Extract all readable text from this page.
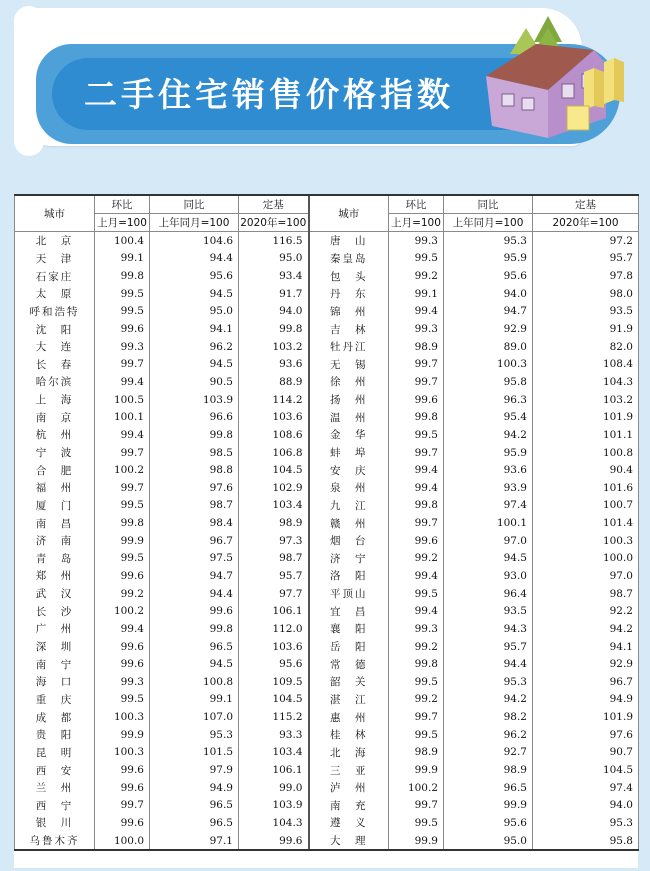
二手住宅销售价格指数
城市	环比	同比	定基	城市	环比	同比	定基
	上月=100	上年同月=100	2020年=100		上月=100	上年同月=100	2020年=100
北　京	100.4	104.6	116.5	唐　山	99.3	95.3	97.2
天　津	99.1	94.4	95.0	秦皇岛	99.5	95.9	95.7
石家庄	99.8	95.6	93.4	包　头	99.2	95.6	97.8
太　原	99.5	94.5	91.7	丹　东	99.1	94.0	98.0
呼和浩特	99.5	95.0	94.0	锦　州	99.4	94.7	93.5
沈　阳	99.6	94.1	99.8	吉　林	99.3	92.9	91.9
大　连	99.3	96.2	103.2	牡丹江	98.9	89.0	82.0
长　春	99.7	94.5	93.6	无　锡	99.7	100.3	108.4
哈尔滨	99.4	90.5	88.9	徐　州	99.7	95.8	104.3
上　海	100.5	103.9	114.2	扬　州	99.6	96.3	103.2
南　京	100.1	96.6	103.6	温　州	99.8	95.4	101.9
杭　州	99.4	99.8	108.6	金　华	99.5	94.2	101.1
宁　波	99.7	98.5	106.8	蚌　埠	99.7	95.9	100.8
合　肥	100.2	98.8	104.5	安　庆	99.4	93.6	90.4
福　州	99.7	97.6	102.9	泉　州	99.4	93.9	101.6
厦　门	99.5	98.7	103.4	九　江	99.8	97.4	100.7
南　昌	99.8	98.4	98.9	赣　州	99.7	100.1	101.4
济　南	99.9	96.7	97.3	烟　台	99.6	97.0	100.3
青　岛	99.5	97.5	98.7	济　宁	99.2	94.5	100.0
郑　州	99.6	94.7	95.7	洛　阳	99.4	93.0	97.0
武　汉	99.2	94.4	97.7	平顶山	99.5	96.4	98.7
长　沙	100.2	99.6	106.1	宜　昌	99.4	93.5	92.2
广　州	99.4	99.8	112.0	襄　阳	99.3	94.3	94.2
深　圳	99.6	96.5	103.6	岳　阳	99.2	95.7	94.1
南　宁	99.6	94.5	95.6	常　德	99.8	94.4	92.9
海　口	99.3	100.8	109.5	韶　关	99.5	95.3	96.7
重　庆	99.5	99.1	104.5	湛　江	99.2	94.2	94.9
成　都	100.3	107.0	115.2	惠　州	99.7	98.2	101.9
贵　阳	99.9	95.3	93.3	桂　林	99.5	96.2	97.6
昆　明	100.3	101.5	103.4	北　海	98.9	92.7	90.7
西　安	99.6	97.9	106.1	三　亚	99.9	98.9	104.5
兰　州	99.6	94.9	99.0	泸　州	100.2	96.5	97.4
西　宁	99.7	96.5	103.9	南　充	99.7	99.9	94.0
银　川	99.6	96.5	104.3	遵　义	99.5	95.6	95.3
乌鲁木齐	100.0	97.1	99.6	大　理	99.9	95.0	95.8
